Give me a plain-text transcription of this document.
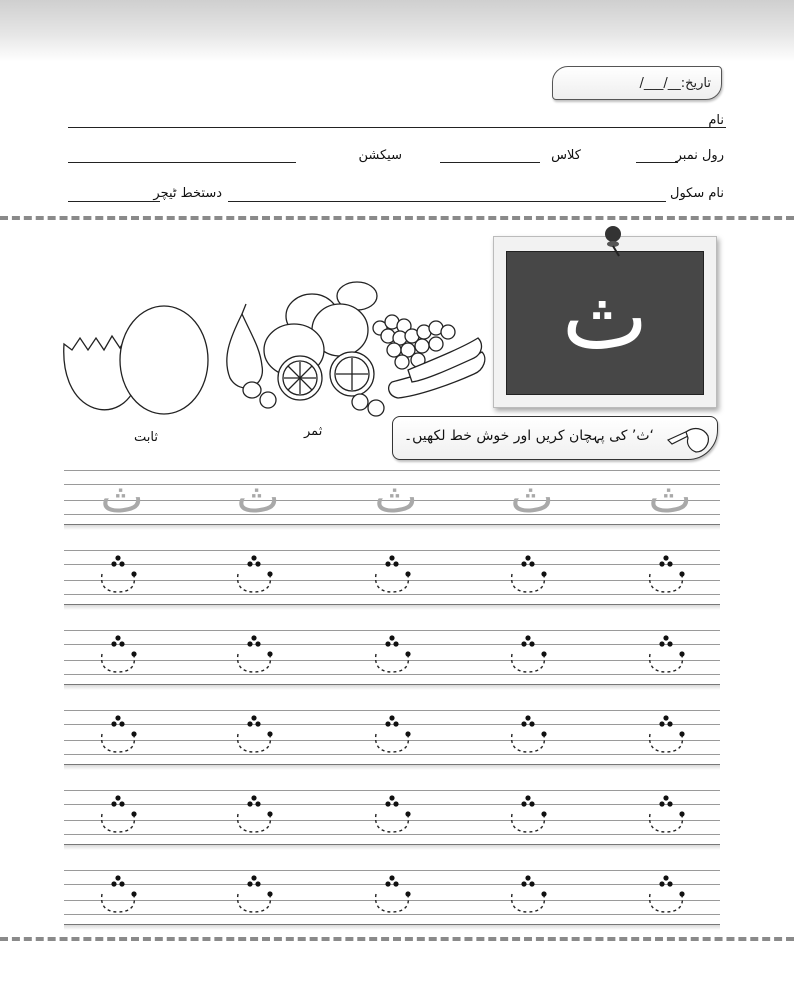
تاریخ:__/___/
نام
رول نمبر
کلاس
سیکشن
نام سکول
دستخط ٹیچر
ث
ثمر
ثابت	‘ث’ کی پہچان کریں اور خوش خط لکھیں۔
ث	ث	ث	ث	ث
